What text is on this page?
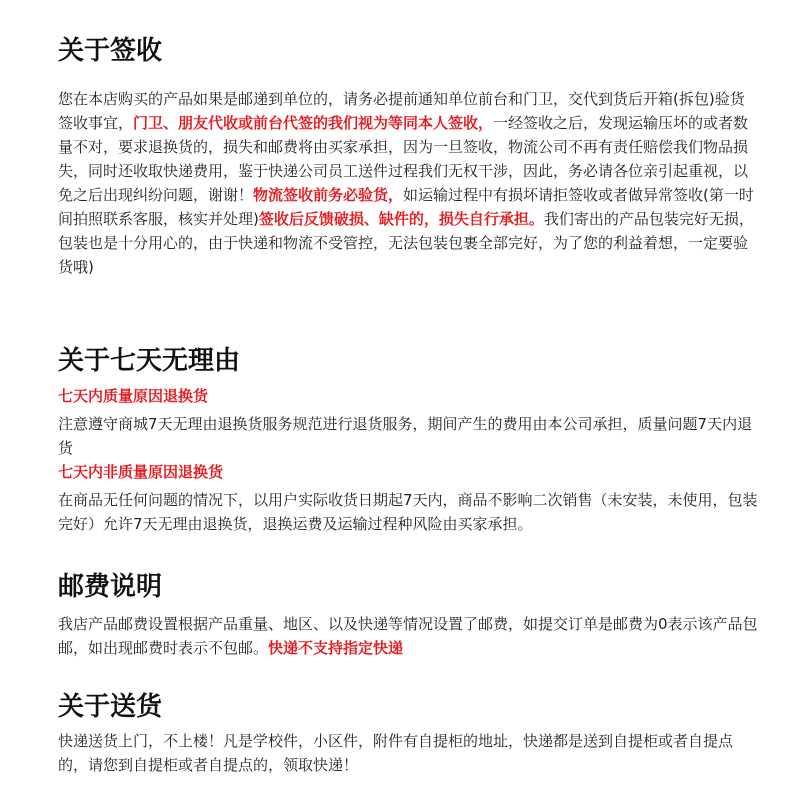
关于签收

您在本店购买的产品如果是邮递到单位的，请务必提前通知单位前台和门卫，交代到货后开箱(拆包)验货签收事宜，门卫、朋友代收或前台代签的我们视为等同本人签收，一经签收之后，发现运输压坏的或者数量不对，要求退换货的，损失和邮费将由买家承担，因为一旦签收，物流公司不再有责任赔偿我们物品损失，同时还收取快递费用，鉴于快递公司员工送件过程我们无权干涉，因此，务必请各位亲引起重视，以免之后出现纠纷问题，谢谢！物流签收前务必验货，如运输过程中有损坏请拒签收或者做异常签收(第一时间拍照联系客服，核实并处理)签收后反馈破损、缺件的，损失自行承担。我们寄出的产品包装完好无损，包装也是十分用心的，由于快递和物流不受管控，无法包装包裹全部完好，为了您的利益着想，一定要验货哦)

关于七天无理由

七天内质量原因退换货

注意遵守商城7天无理由退换货服务规范进行退货服务，期间产生的费用由本公司承担，质量问题7天内退货

七天内非质量原因退换货

在商品无任何问题的情况下，以用户实际收货日期起7天内，商品不影响二次销售（未安装，未使用，包装完好）允许7天无理由退换货，退换运费及运输过程种风险由买家承担。

邮费说明

我店产品邮费设置根据产品重量、地区、以及快递等情况设置了邮费，如提交订单是邮费为0表示该产品包邮，如出现邮费时表示不包邮。快递不支持指定快递

关于送货

快递送货上门，不上楼！凡是学校件，小区件，附件有自提柜的地址，快递都是送到自提柜或者自提点的，请您到自提柜或者自提点的，领取快递！
